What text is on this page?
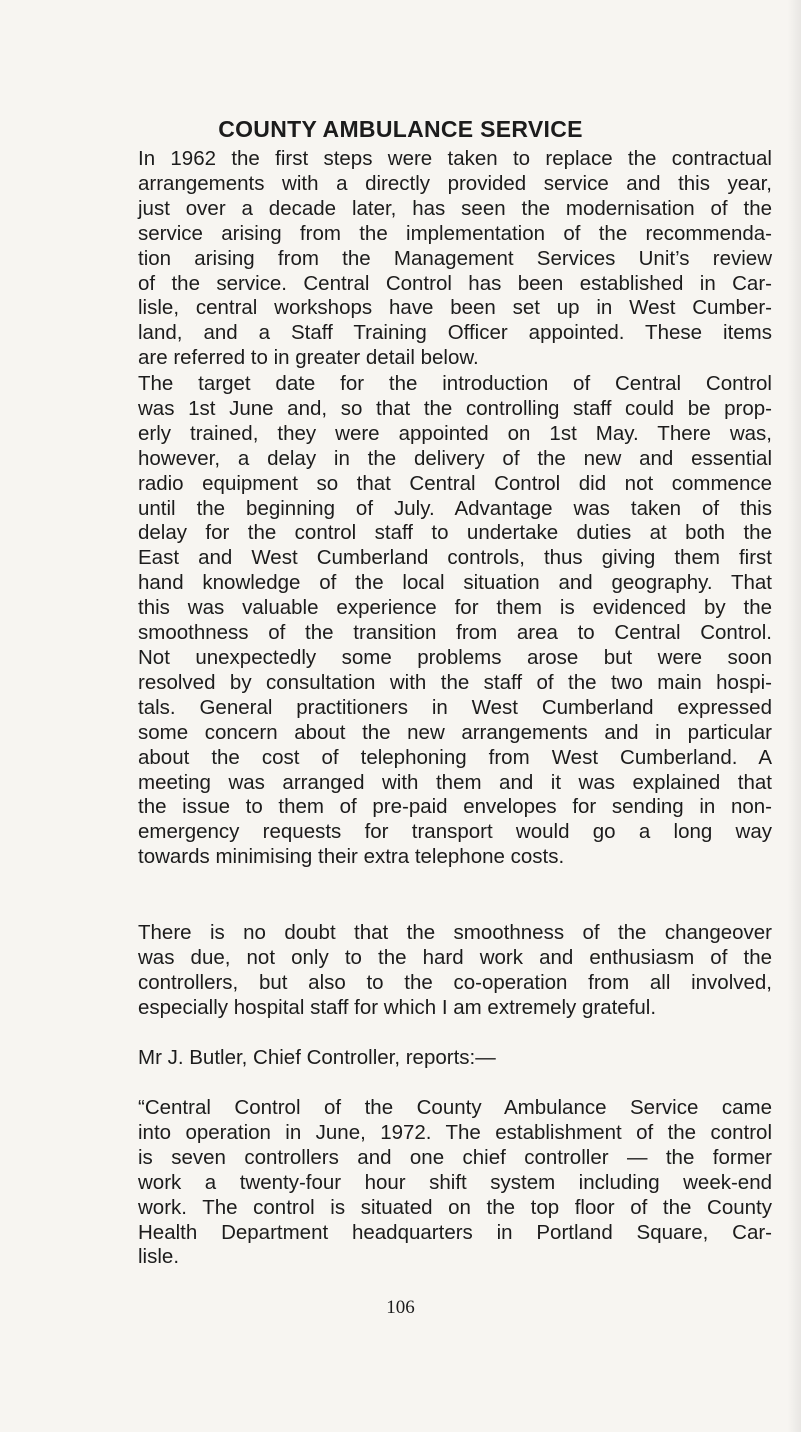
COUNTY AMBULANCE SERVICE

In 1962 the first steps were taken to replace the contractual
arrangements with a directly provided service and this year,
just over a decade later, has seen the modernisation of the
service arising from the implementation of the recommenda-
tion arising from the Management Services Unit’s review
of the service. Central Control has been established in Car-
lisle, central workshops have been set up in West Cumber-
land, and a Staff Training Officer appointed. These items
are referred to in greater detail below.

The target date for the introduction of Central Control
was 1st June and, so that the controlling staff could be prop-
erly trained, they were appointed on 1st May. There was,
however, a delay in the delivery of the new and essential
radio equipment so that Central Control did not commence
until the beginning of July. Advantage was taken of this
delay for the control staff to undertake duties at both the
East and West Cumberland controls, thus giving them first
hand knowledge of the local situation and geography. That
this was valuable experience for them is evidenced by the
smoothness of the transition from area to Central Control.
Not unexpectedly some problems arose but were soon
resolved by consultation with the staff of the two main hospi-
tals. General practitioners in West Cumberland expressed
some concern about the new arrangements and in particular
about the cost of telephoning from West Cumberland. A
meeting was arranged with them and it was explained that
the issue to them of pre-paid envelopes for sending in non-
emergency requests for transport would go a long way
towards minimising their extra telephone costs.

There is no doubt that the smoothness of the changeover
was due, not only to the hard work and enthusiasm of the
controllers, but also to the co-operation from all involved,
especially hospital staff for which I am extremely grateful.

Mr J. Butler, Chief Controller, reports:—

“Central Control of the County Ambulance Service came
into operation in June, 1972. The establishment of the control
is seven controllers and one chief controller — the former
work a twenty-four hour shift system including week-end
work. The control is situated on the top floor of the County
Health Department headquarters in Portland Square, Car-
lisle.

106
